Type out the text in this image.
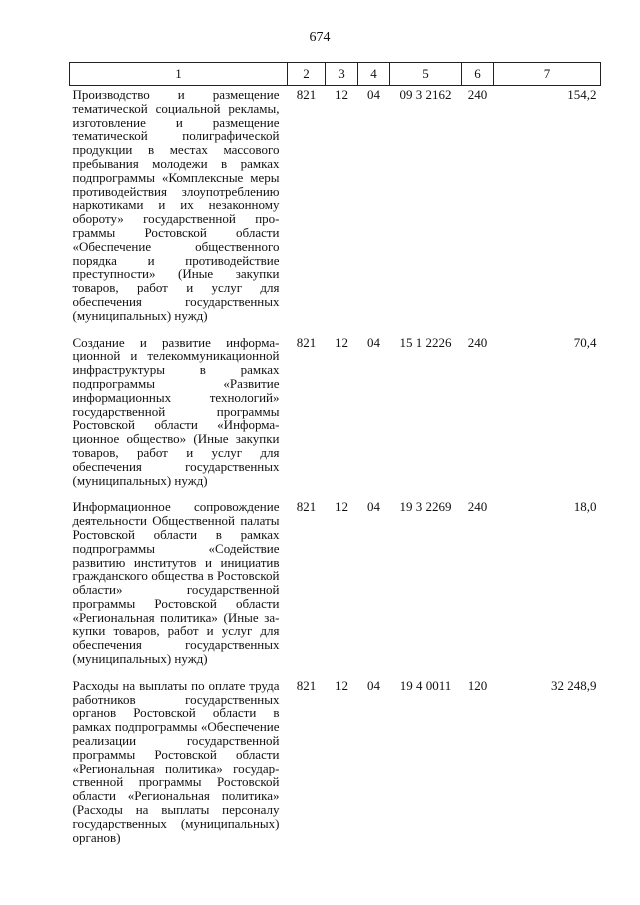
674
1	2	3	4	5	6	7
Производство и размещение тематической социальной рекламы, изготовление и размещение тематической полиграфической продукции в местах массового пребывания молодежи в рамках подпрограммы «Комплексные меры противодействия злоупотреблению наркотиками и их незаконному обороту» государственной программы Ростовской области «Обеспечение общественного порядка и противодействие преступности» (Иные закупки товаров, работ и услуг для обеспечения государственных (муниципальных) нужд)	821	12	04	09 3 2162	240	154,2
Создание и развитие информационной и телекоммуникационной инфраструктуры в рамках подпрограммы «Развитие информационных технологий» государственной программы Ростовской области «Информационное общество» (Иные закупки товаров, работ и услуг для обеспечения государственных (муниципальных) нужд)	821	12	04	15 1 2226	240	70,4
Информационное сопровождение деятельности Общественной палаты Ростовской области в рамках подпрограммы «Содействие развитию институтов и инициатив гражданского общества в Ростовской области» государственной программы Ростовской области «Региональная политика» (Иные закупки товаров, работ и услуг для обеспечения государственных (муниципальных) нужд)	821	12	04	19 3 2269	240	18,0
Расходы на выплаты по оплате труда работников государственных органов Ростовской области в рамках подпрограммы «Обеспечение реализации государственной программы Ростовской области «Региональная политика» государственной программы Ростовской области «Региональная политика» (Расходы на выплаты персоналу государственных (муниципальных) органов)	821	12	04	19 4 0011	120	32 248,9
